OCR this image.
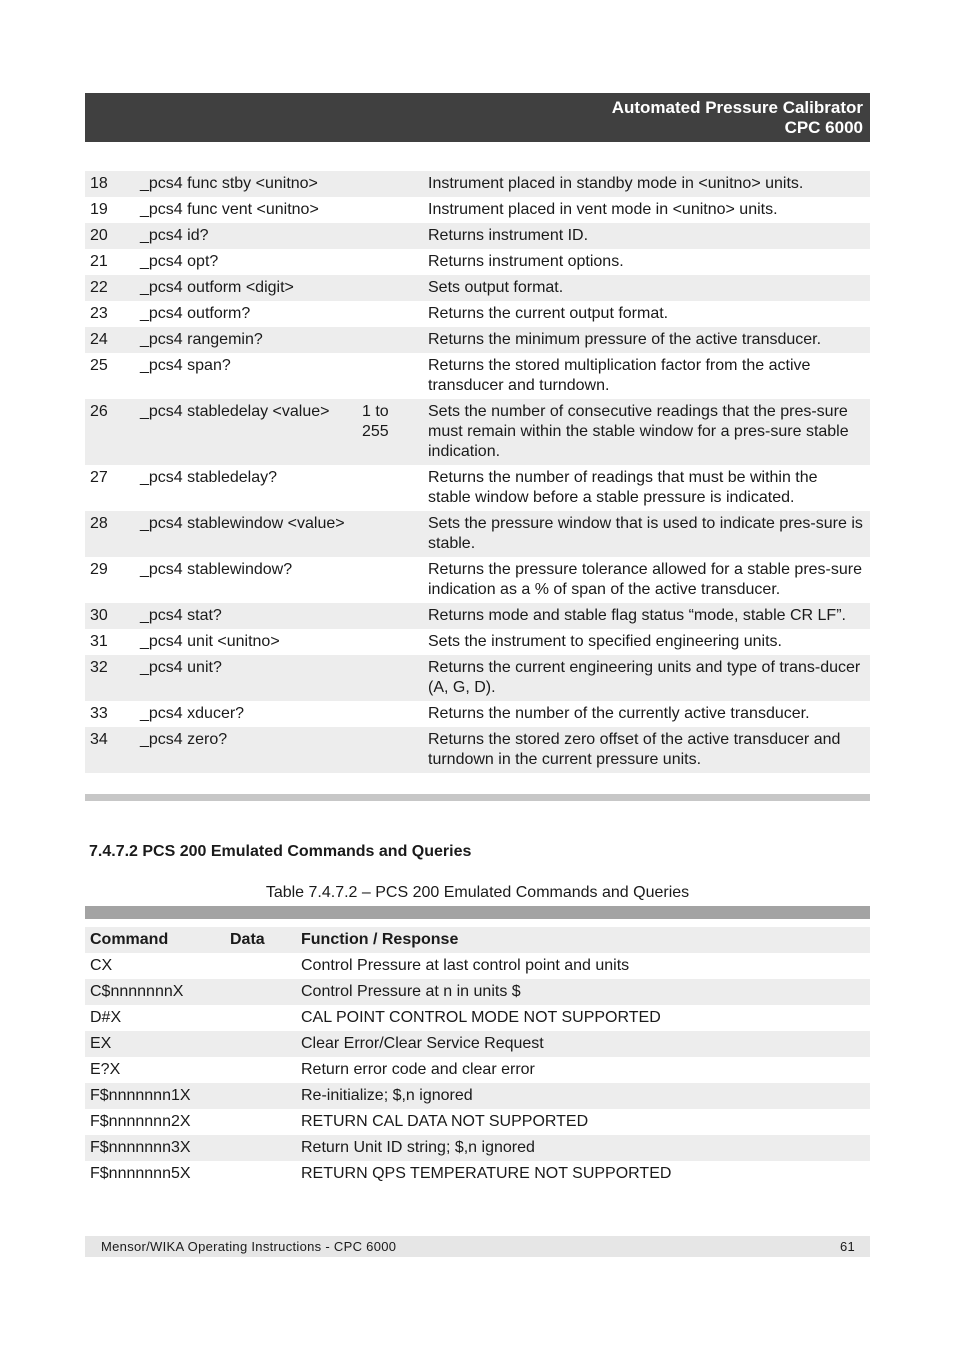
Automated Pressure Calibrator
CPC 6000
18	_pcs4 func stby <unitno>		Instrument placed in standby mode in <unitno> units.
19	_pcs4 func vent <unitno>		Instrument placed in vent mode in <unitno> units.
20	_pcs4 id?		Returns instrument ID.
21	_pcs4 opt?		Returns instrument options.
22	_pcs4 outform <digit>		Sets output format.
23	_pcs4 outform?		Returns the current output format.
24	_pcs4 rangemin?		Returns the minimum pressure of the active transducer.
25	_pcs4 span?		Returns the stored multiplication factor from the active transducer and turndown.
26	_pcs4 stabledelay <value>	1 to 255	Sets the number of consecutive readings that the pres-sure must remain within the stable window for a pres-sure stable indication.
27	_pcs4 stabledelay?		Returns the number of readings that must be within the stable window before a stable pressure is indicated.
28	_pcs4 stablewindow <value>		Sets the pressure window that is used to indicate pres-sure is stable.
29	_pcs4 stablewindow?		Returns the pressure tolerance allowed for a stable pres-sure indication as a % of span of the active transducer.
30	_pcs4 stat?		Returns mode and stable flag status “mode, stable CR LF”.
31	_pcs4 unit <unitno>		Sets the instrument to specified engineering units.
32	_pcs4 unit?		Returns the current engineering units and type of trans-ducer (A, G, D).
33	_pcs4 xducer?		Returns the number of the currently active transducer.
34	_pcs4 zero?		Returns the stored zero offset of the active transducer and turndown in the current pressure units.
7.4.7.2 PCS 200 Emulated Commands and Queries
Table 7.4.7.2 – PCS 200 Emulated Commands and Queries
Command	Data	Function / Response
CX		Control Pressure at last control point and units
C$nnnnnnnX		Control Pressure at n in units $
D#X		CAL POINT CONTROL MODE NOT SUPPORTED
EX		Clear Error/Clear Service Request
E?X		Return error code and clear error
F$nnnnnnn1X		Re-initialize; $,n ignored
F$nnnnnnn2X		RETURN CAL DATA NOT SUPPORTED
F$nnnnnnn3X		Return Unit ID string; $,n ignored
F$nnnnnnn5X		RETURN QPS TEMPERATURE NOT SUPPORTED
Mensor/WIKA Operating Instructions - CPC 6000	61
